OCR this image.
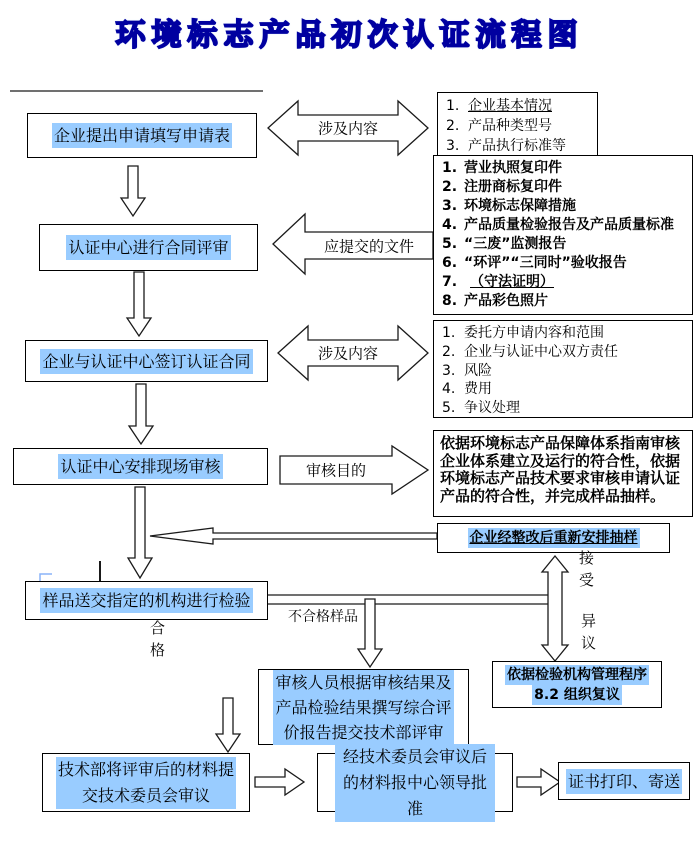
环境标志产品初次认证流程图
企业提出申请填写申请表
认证中心进行合同评审
企业与认证中心签订认证合同
认证中心安排现场审核
样品送交指定的机构进行检验
审核人员根据审核结果及产品检验结果撰写综合评价报告提交技术部评审
技术部将评审后的材料提交技术委员会审议
经技术委员会审议后的材料报中心领导批准
证书打印、寄送
企业经整改后重新安排抽样
依据检验机构管理程序
8.2 组织复议
1. 企业基本情况
2. 产品种类型号
3. 产品执行标准等
1. 营业执照复印件
2. 注册商标复印件
3. 环境标志保障措施
4. 产品质量检验报告及产品质量标准
5. “三废”监测报告
6. “环评”“三同时”验收报告
7. （守法证明）
8. 产品彩色照片
1. 委托方申请内容和范围
2. 企业与认证中心双方责任
3. 风险
4. 费用
5. 争议处理
依据环境标志产品保障体系指南审核企业体系建立及运行的符合性，依据环境标志产品技术要求审核申请认证产品的符合性，并完成样品抽样。
涉及内容
应提交的文件
涉及内容
审核目的
不合格样品
合格
接受
异议
